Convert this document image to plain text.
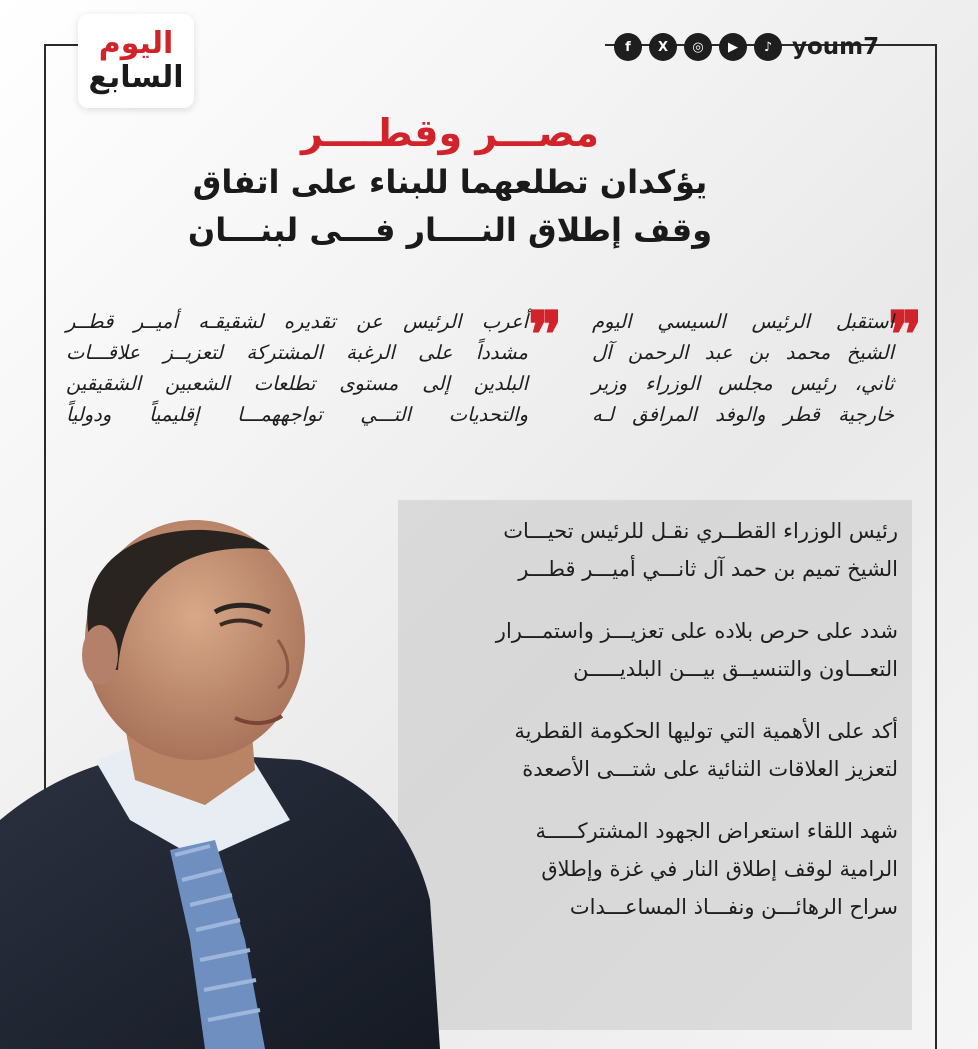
اليوم
السابع
f	X	◎	▶	♪ youm7
مصـــر وقطــــر
يؤكدان تطلعهما للبناء على اتفاق
وقف إطلاق النــــار فـــى لبنـــان
❞
❞ استقبل الرئيس السيسي اليوم
الشيخ محمد بن عبد الرحمن آل
ثاني، رئيس مجلس الوزراء وزير
خارجية قطر والوفد المرافق لـه
أعرب الرئيس عن تقديره لشقيقـه أميــر قطــر
مشدداً على الرغبة المشتركة لتعزيــز علاقـــات
البلدين إلى مستوى تطلعات الشعبين الشقيقين
والتحديات التـــي تواجههمـــا إقليمياً ودولياً
رئيس الوزراء القطــري نقـل للرئيس تحيـــات
الشيخ تميم بن حمد آل ثانـــي أميـــر قطـــر
شدد على حرص بلاده على تعزيـــز واستمـــرار
التعـــاون والتنسيــق بيـــن البلديـــــن
أكد على الأهمية التي توليها الحكومة القطرية
لتعزيز العلاقات الثنائية على شتـــى الأصعدة
شهد اللقاء استعراض الجهود المشتركـــــة
الرامية لوقف إطلاق النار في غزة وإطلاق
سراح الرهائـــن ونفـــاذ المساعـــدات
